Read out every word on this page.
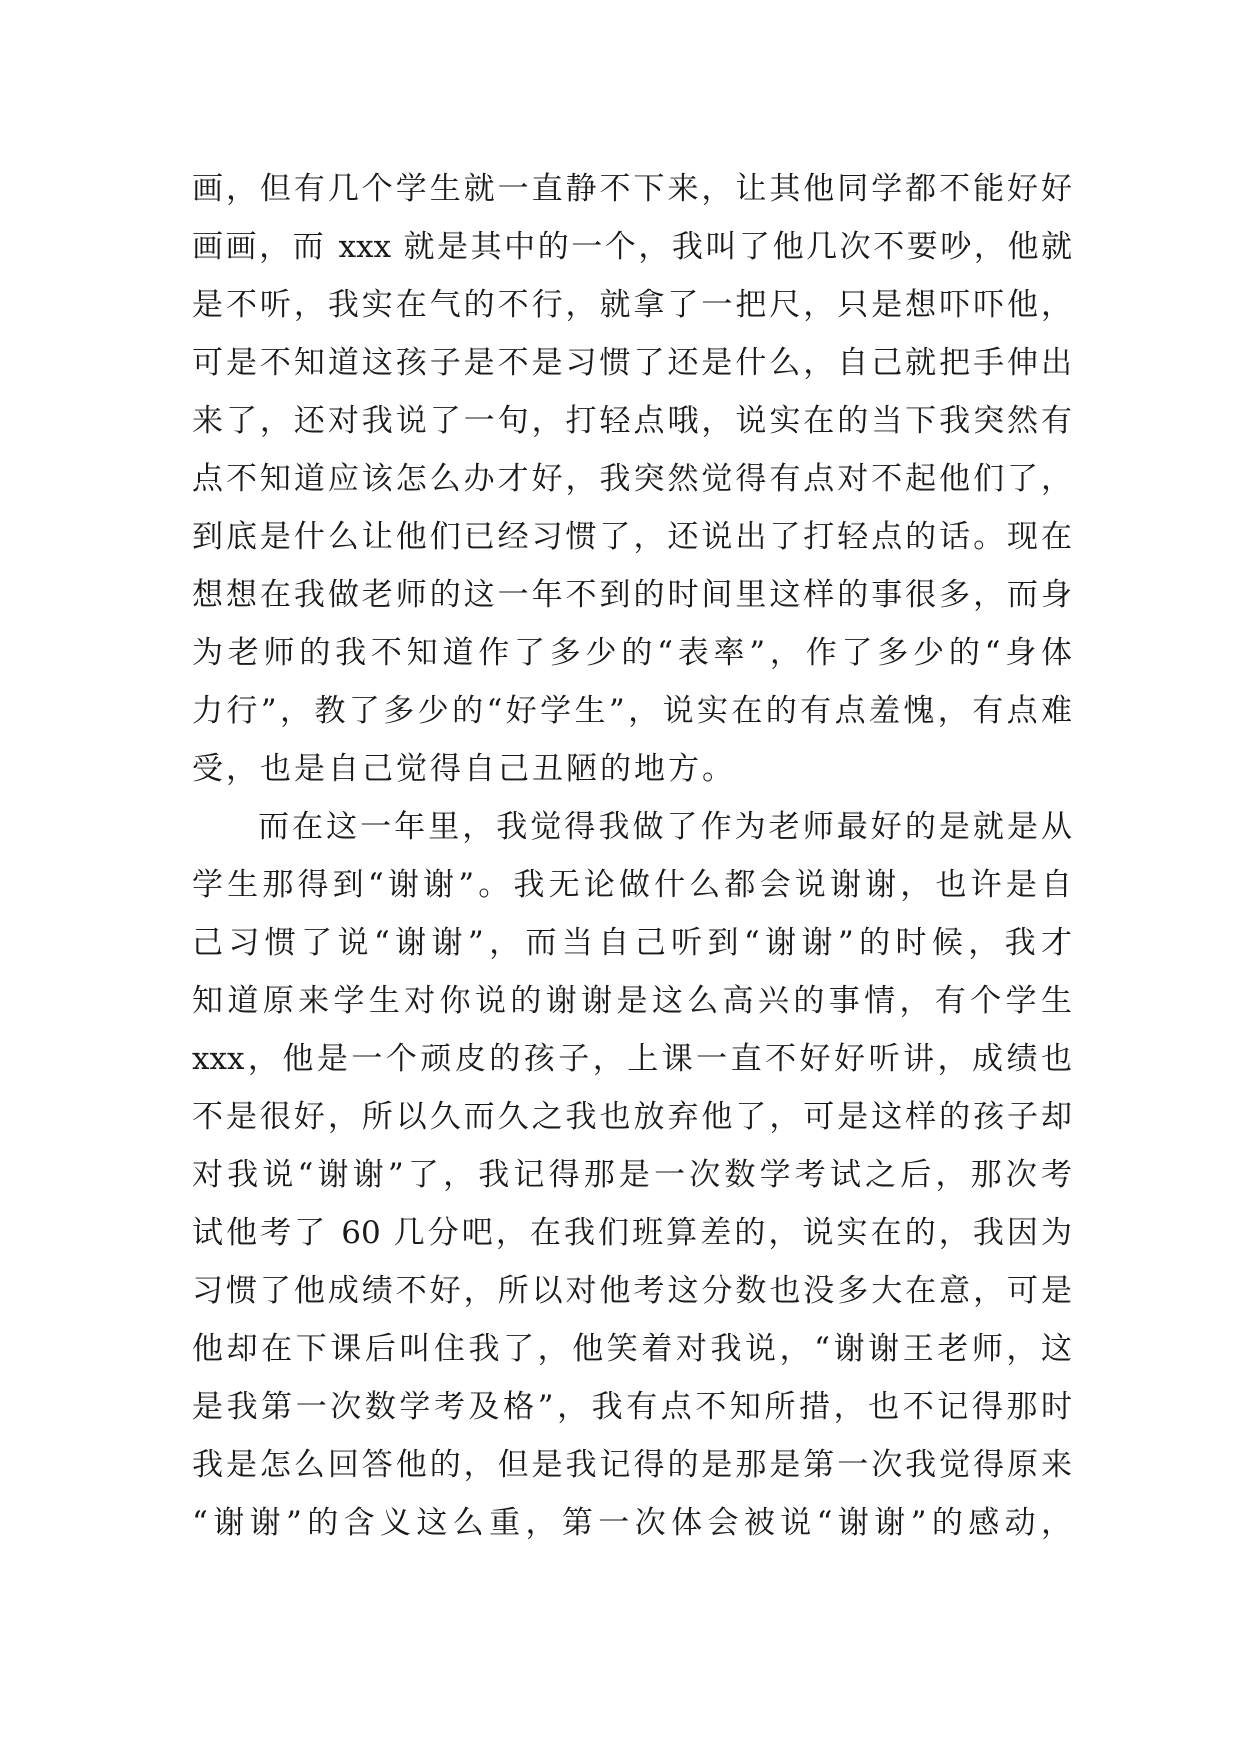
画，但有几个学生就一直静不下来，让其他同学都不能好好
画画，而 xxx 就是其中的一个，我叫了他几次不要吵，他就
是不听，我实在气的不行，就拿了一把尺，只是想吓吓他，
可是不知道这孩子是不是习惯了还是什么，自己就把手伸出
来了，还对我说了一句，打轻点哦，说实在的当下我突然有
点不知道应该怎么办才好，我突然觉得有点对不起他们了，
到底是什么让他们已经习惯了，还说出了打轻点的话。现在
想想在我做老师的这一年不到的时间里这样的事很多，而身
为老师的我不知道作了多少的“表率”，作了多少的“身体
力行”，教了多少的“好学生”，说实在的有点羞愧，有点难
受，也是自己觉得自己丑陋的地方。
而在这一年里，我觉得我做了作为老师最好的是就是从
学生那得到“谢谢”。我无论做什么都会说谢谢，也许是自
己习惯了说“谢谢”，而当自己听到“谢谢”的时候，我才
知道原来学生对你说的谢谢是这么高兴的事情，有个学生
xxx，他是一个顽皮的孩子，上课一直不好好听讲，成绩也
不是很好，所以久而久之我也放弃他了，可是这样的孩子却
对我说“谢谢”了，我记得那是一次数学考试之后，那次考
试他考了 60 几分吧，在我们班算差的，说实在的，我因为
习惯了他成绩不好，所以对他考这分数也没多大在意，可是
他却在下课后叫住我了，他笑着对我说，“谢谢王老师，这
是我第一次数学考及格”，我有点不知所措，也不记得那时
我是怎么回答他的，但是我记得的是那是第一次我觉得原来
“谢谢”的含义这么重，第一次体会被说“谢谢”的感动，
